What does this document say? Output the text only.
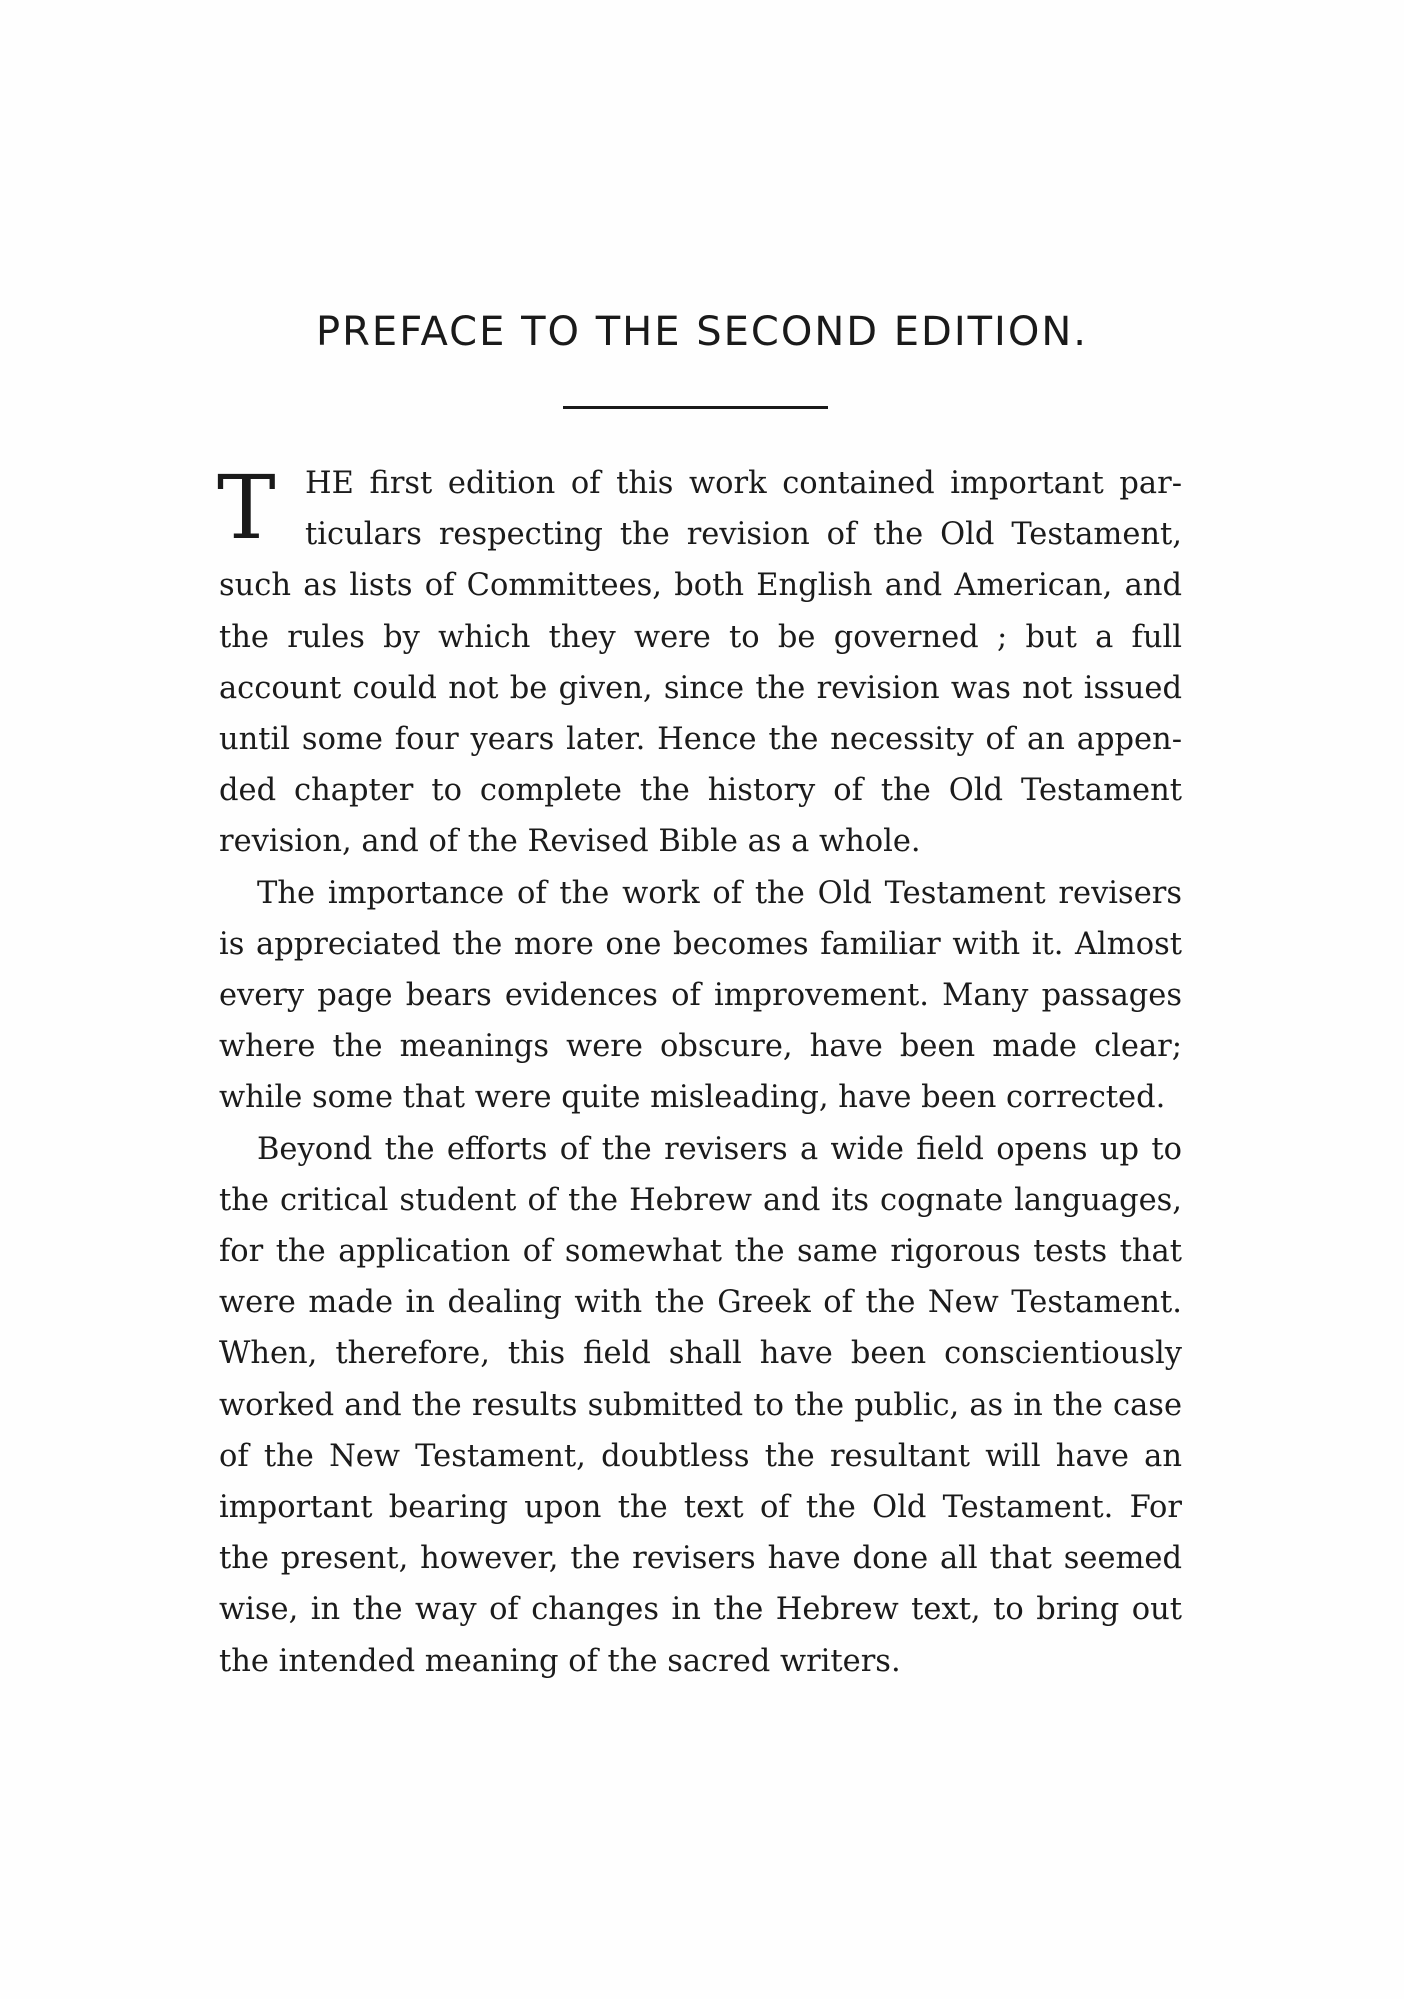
PREFACE TO THE SECOND EDITION.
T HE first edition of this work contained important par-
ticulars respecting the revision of the Old Testament,
such as lists of Committees, both English and American, and
the rules by which they were to be governed ; but a full
account could not be given, since the revision was not issued
until some four years later. Hence the necessity of an appen-
ded chapter to complete the history of the Old Testament
revision, and of the Revised Bible as a whole.
The importance of the work of the Old Testament revisers
is appreciated the more one becomes familiar with it. Almost
every page bears evidences of improvement. Many passages
where the meanings were obscure, have been made clear;
while some that were quite misleading, have been corrected.
Beyond the efforts of the revisers a wide field opens up to
the critical student of the Hebrew and its cognate languages,
for the application of somewhat the same rigorous tests that
were made in dealing with the Greek of the New Testament.
When, therefore, this field shall have been conscientiously
worked and the results submitted to the public, as in the case
of the New Testament, doubtless the resultant will have an
important bearing upon the text of the Old Testament. For
the present, however, the revisers have done all that seemed
wise, in the way of changes in the Hebrew text, to bring out
the intended meaning of the sacred writers.
